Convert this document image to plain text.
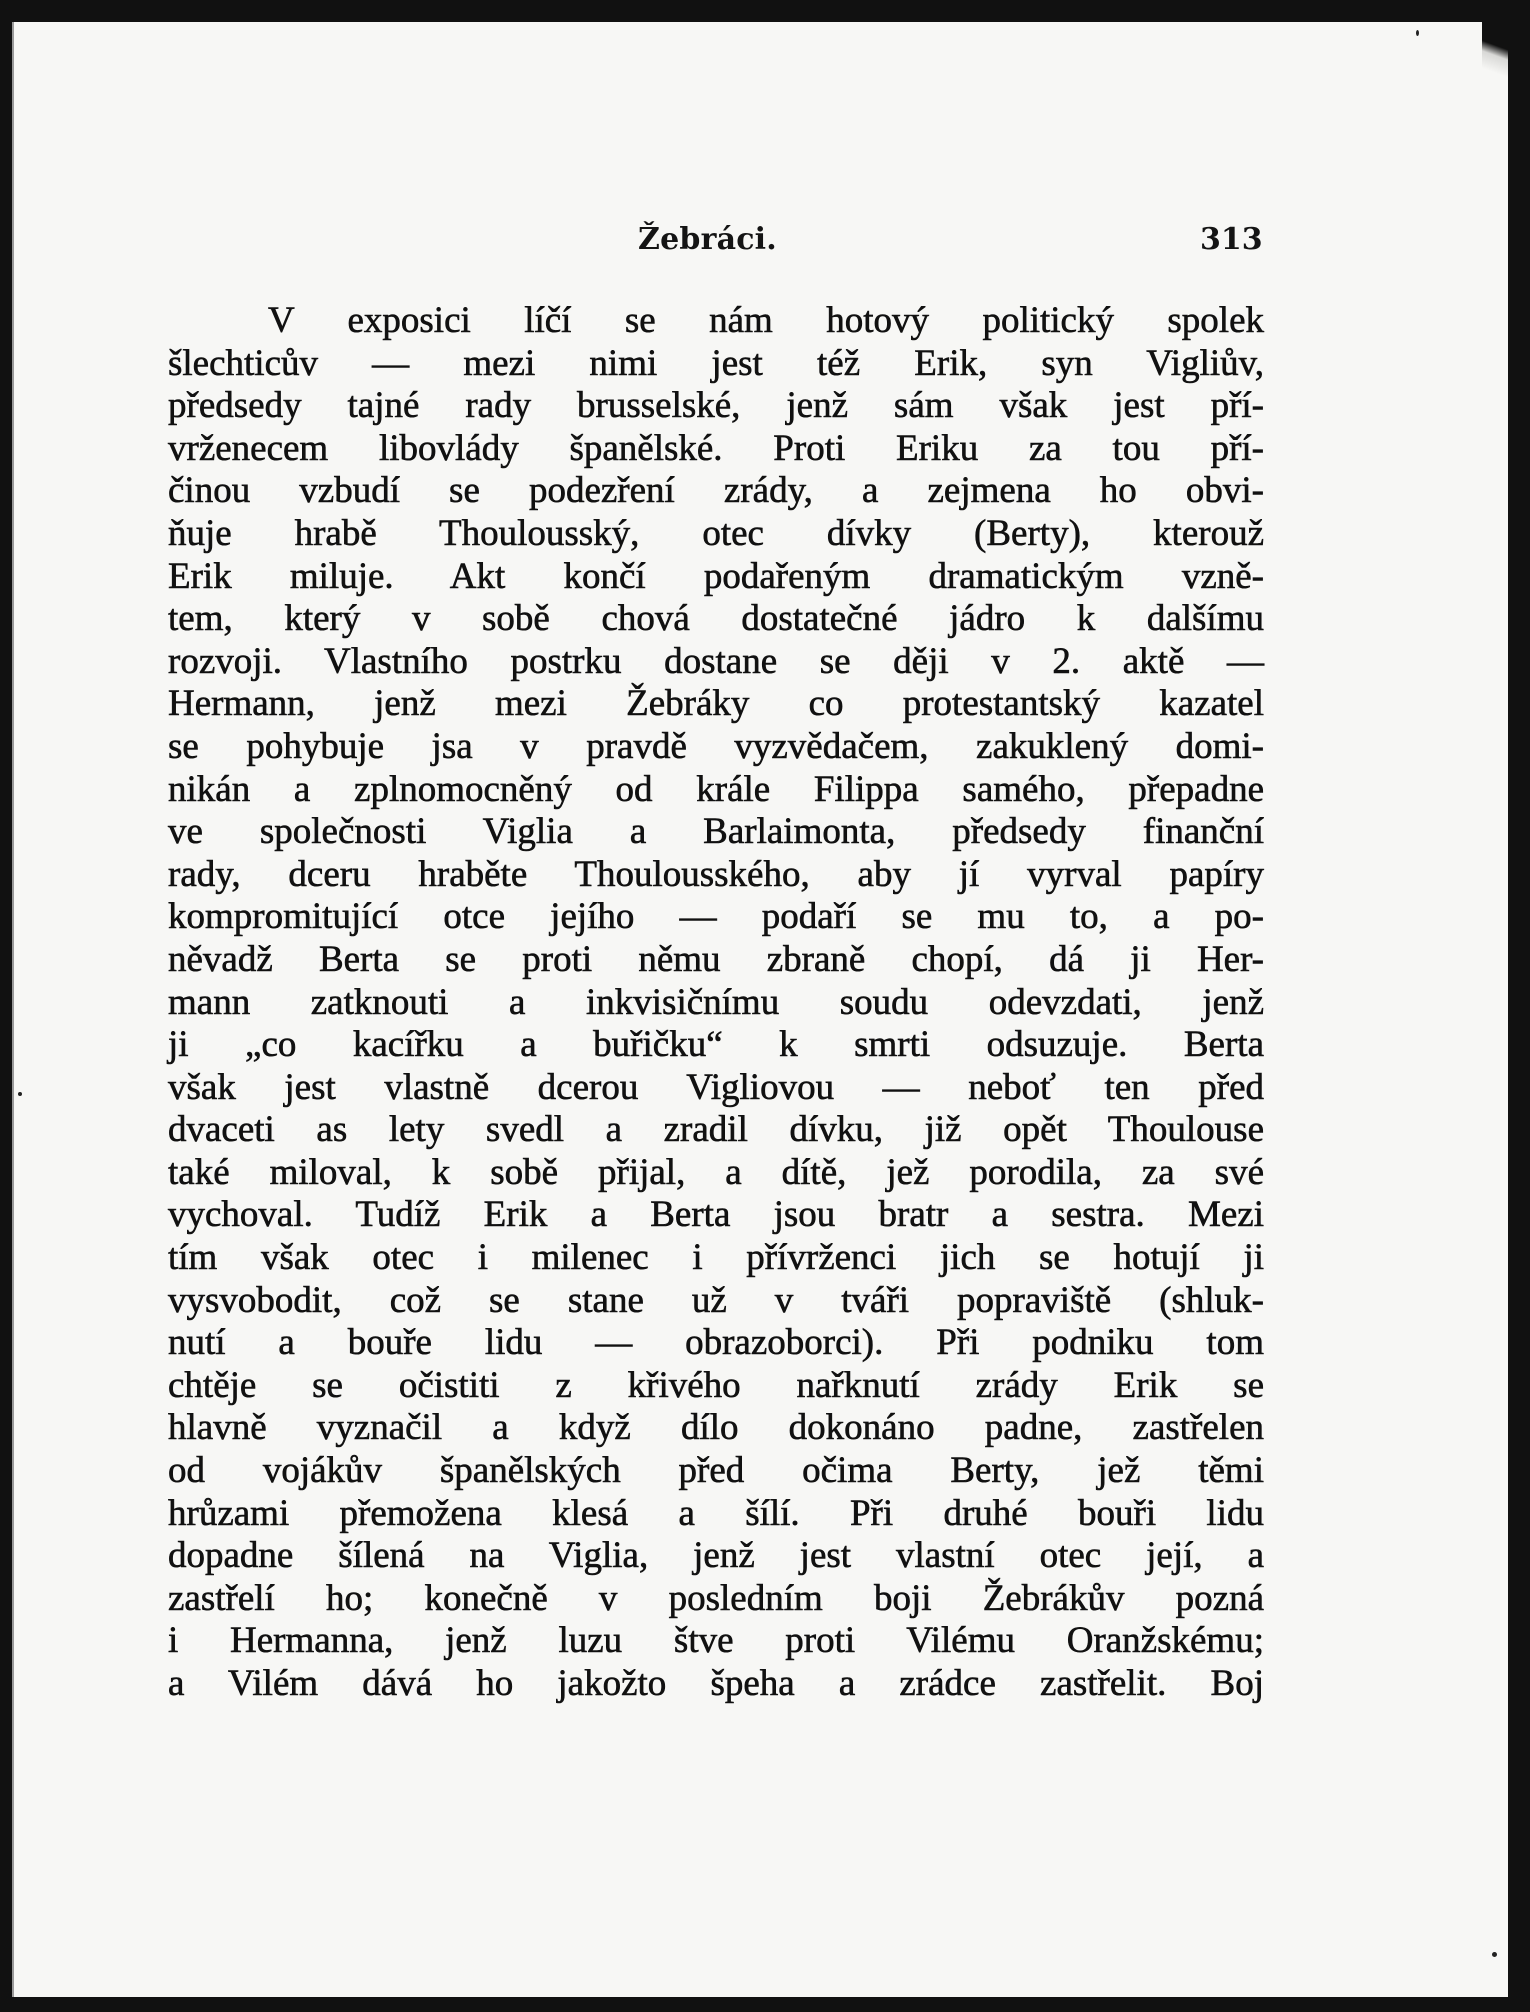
Žebráci.	313
V exposici líčí se nám hotový politický spolek
šlechticův — mezi nimi jest též Erik, syn Vigliův,
předsedy tajné rady brusselské, jenž sám však jest pří-
vrženecem libovlády španělské. Proti Eriku za tou pří-
činou vzbudí se podezření zrády, a zejmena ho obvi-
ňuje hrabě Thoulousský, otec dívky (Berty), kterouž
Erik miluje. Akt končí podařeným dramatickým vzně-
tem, který v sobě chová dostatečné jádro k dalšímu
rozvoji. Vlastního postrku dostane se ději v 2. aktě —
Hermann, jenž mezi Žebráky co protestantský kazatel
se pohybuje jsa v pravdě vyzvědačem, zakuklený domi-
nikán a zplnomocněný od krále Filippa samého, přepadne
ve společnosti Viglia a Barlaimonta, předsedy finanční
rady, dceru hraběte Thoulousského, aby jí vyrval papíry
kompromitující otce jejího — podaří se mu to, a po-
něvadž Berta se proti němu zbraně chopí, dá ji Her-
mann zatknouti a inkvisičnímu soudu odevzdati, jenž
ji „co kacířku a buřičku“ k smrti odsuzuje. Berta
však jest vlastně dcerou Vigliovou — neboť ten před
dvaceti as lety svedl a zradil dívku, již opět Thoulouse
také miloval, k sobě přijal, a dítě, jež porodila, za své
vychoval. Tudíž Erik a Berta jsou bratr a sestra. Mezi
tím však otec i milenec i přívrženci jich se hotují ji
vysvobodit, což se stane už v tváři popraviště (shluk-
nutí a bouře lidu — obrazoborci). Při podniku tom
chtěje se očistiti z křivého nařknutí zrády Erik se
hlavně vyznačil a když dílo dokonáno padne, zastřelen
od vojákův španělských před očima Berty, jež těmi
hrůzami přemožena klesá a šílí. Při druhé bouři lidu
dopadne šílená na Viglia, jenž jest vlastní otec její, a
zastřelí ho; konečně v posledním boji Žebrákův pozná
i Hermanna, jenž luzu štve proti Vilému Oranžskému;
a Vilém dává ho jakožto špeha a zrádce zastřelit. Boj
